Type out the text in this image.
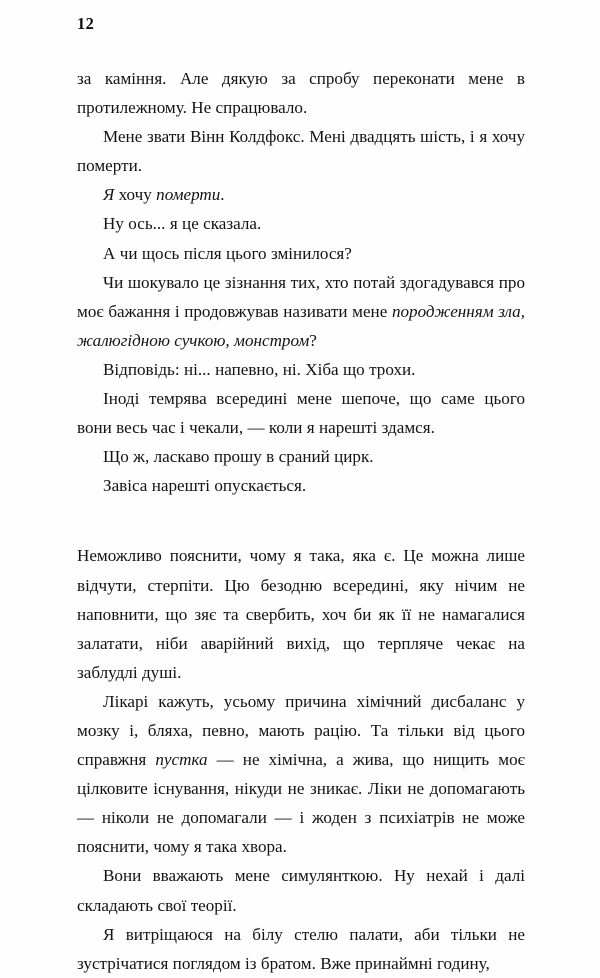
12

за каміння. Але дякую за спробу переконати мене в протилежному. Не спрацювало.

Мене звати Вінн Колдфокс. Мені двадцять шість, і я хочу померти.

Я хочу померти.

Ну ось... я це сказала.

А чи щось після цього змінилося?

Чи шокувало це зізнання тих, хто потай здогадувався про моє бажання і продовжував називати мене породженням зла, жалюгідною сучкою, монстром?

Відповідь: ні... напевно, ні. Хіба що трохи.

Іноді темрява всередині мене шепоче, що саме цього вони весь час і чекали, — коли я нарешті здамся.

Що ж, ласкаво прошу в сраний цирк.

Завіса нарешті опускається.

Неможливо пояснити, чому я така, яка є. Це можна лише відчути, стерпіти. Цю безодню всередині, яку нічим не наповнити, що зяє та свербить, хоч би як її не намагалися залатати, ніби аварійний вихід, що терпляче чекає на заблудлі душі.

Лікарі кажуть, усьому причина хімічний дисбаланс у мозку і, бляха, певно, мають рацію. Та тільки від цього справжня пустка — не хімічна, а жива, що нищить моє цілковите існування, нікуди не зникає. Ліки не допомагають — ніколи не допомагали — і жоден з психіатрів не може пояснити, чому я така хвора.

Вони вважають мене симулянткою. Ну нехай і далі складають свої теорії.

Я витріщаюся на білу стелю палати, аби тільки не зустрічатися поглядом із братом. Вже принаймні годину,
